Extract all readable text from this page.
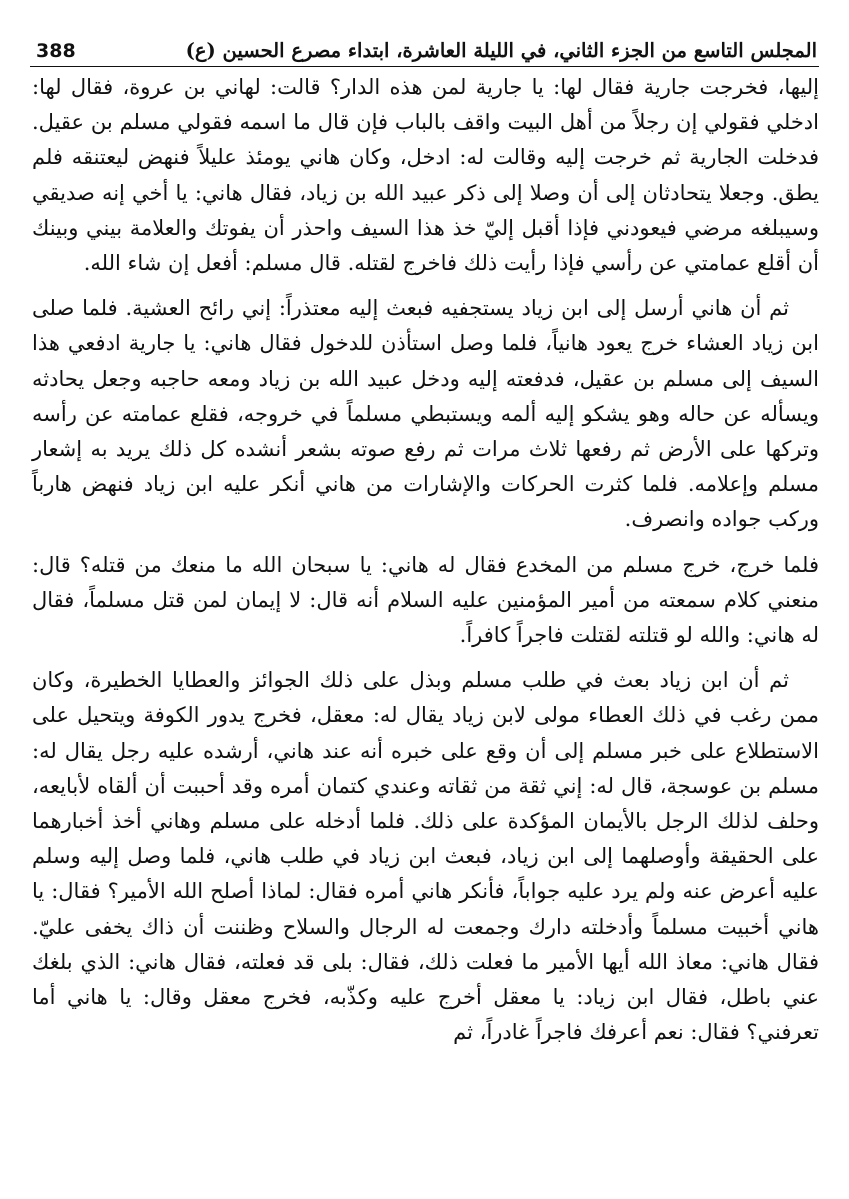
388	المجلس التاسع من الجزء الثاني، في الليلة العاشرة، ابتداء مصرع الحسين (ع)

إليها، فخرجت جارية فقال لها: يا جارية لمن هذه الدار؟ قالت: لهاني بن عروة، فقال لها: ادخلي فقولي إن رجلاً من أهل البيت واقف بالباب فإن قال ما اسمه فقولي مسلم بن عقيل. فدخلت الجارية ثم خرجت إليه وقالت له: ادخل، وكان هاني يومئذ عليلاً فنهض ليعتنقه فلم يطق. وجعلا يتحادثان إلى أن وصلا إلى ذكر عبيد الله بن زياد، فقال هاني: يا أخي إنه صديقي وسيبلغه مرضي فيعودني فإذا أقبل إليّ خذ هذا السيف واحذر أن يفوتك والعلامة بيني وبينك أن أقلع عمامتي عن رأسي فإذا رأيت ذلك فاخرج لقتله. قال مسلم: أفعل إن شاء الله.

ثم أن هاني أرسل إلى ابن زياد يستجفيه فبعث إليه معتذراً: إني رائح العشية. فلما صلى ابن زياد العشاء خرج يعود هانياً، فلما وصل استأذن للدخول فقال هاني: يا جارية ادفعي هذا السيف إلى مسلم بن عقيل، فدفعته إليه ودخل عبيد الله بن زياد ومعه حاجبه وجعل يحادثه ويسأله عن حاله وهو يشكو إليه ألمه ويستبطي مسلماً في خروجه، فقلع عمامته عن رأسه وتركها على الأرض ثم رفعها ثلاث مرات ثم رفع صوته بشعر أنشده كل ذلك يريد به إشعار مسلم وإعلامه. فلما كثرت الحركات والإشارات من هاني أنكر عليه ابن زياد فنهض هارباً وركب جواده وانصرف.

فلما خرج، خرج مسلم من المخدع فقال له هاني: يا سبحان الله ما منعك من قتله؟ قال: منعني كلام سمعته من أمير المؤمنين عليه السلام أنه قال: لا إيمان لمن قتل مسلماً، فقال له هاني: والله لو قتلته لقتلت فاجراً كافراً.

ثم أن ابن زياد بعث في طلب مسلم وبذل على ذلك الجوائز والعطايا الخطيرة، وكان ممن رغب في ذلك العطاء مولى لابن زياد يقال له: معقل، فخرج يدور الكوفة ويتحيل على الاستطلاع على خبر مسلم إلى أن وقع على خبره أنه عند هاني، أرشده عليه رجل يقال له: مسلم بن عوسجة، قال له: إني ثقة من ثقاته وعندي كتمان أمره وقد أحببت أن ألقاه لأبايعه، وحلف لذلك الرجل بالأيمان المؤكدة على ذلك. فلما أدخله على مسلم وهاني أخذ أخبارهما على الحقيقة وأوصلهما إلى ابن زياد، فبعث ابن زياد في طلب هاني، فلما وصل إليه وسلم عليه أعرض عنه ولم يرد عليه جواباً، فأنكر هاني أمره فقال: لماذا أصلح الله الأمير؟ فقال: يا هاني أخبيت مسلماً وأدخلته دارك وجمعت له الرجال والسلاح وظننت أن ذاك يخفى عليّ. فقال هاني: معاذ الله أيها الأمير ما فعلت ذلك، فقال: بلى قد فعلته، فقال هاني: الذي بلغك عني باطل، فقال ابن زياد: يا معقل أخرج عليه وكذّبه، فخرج معقل وقال: يا هاني أما تعرفني؟ فقال: نعم أعرفك فاجراً غادراً، ثم
